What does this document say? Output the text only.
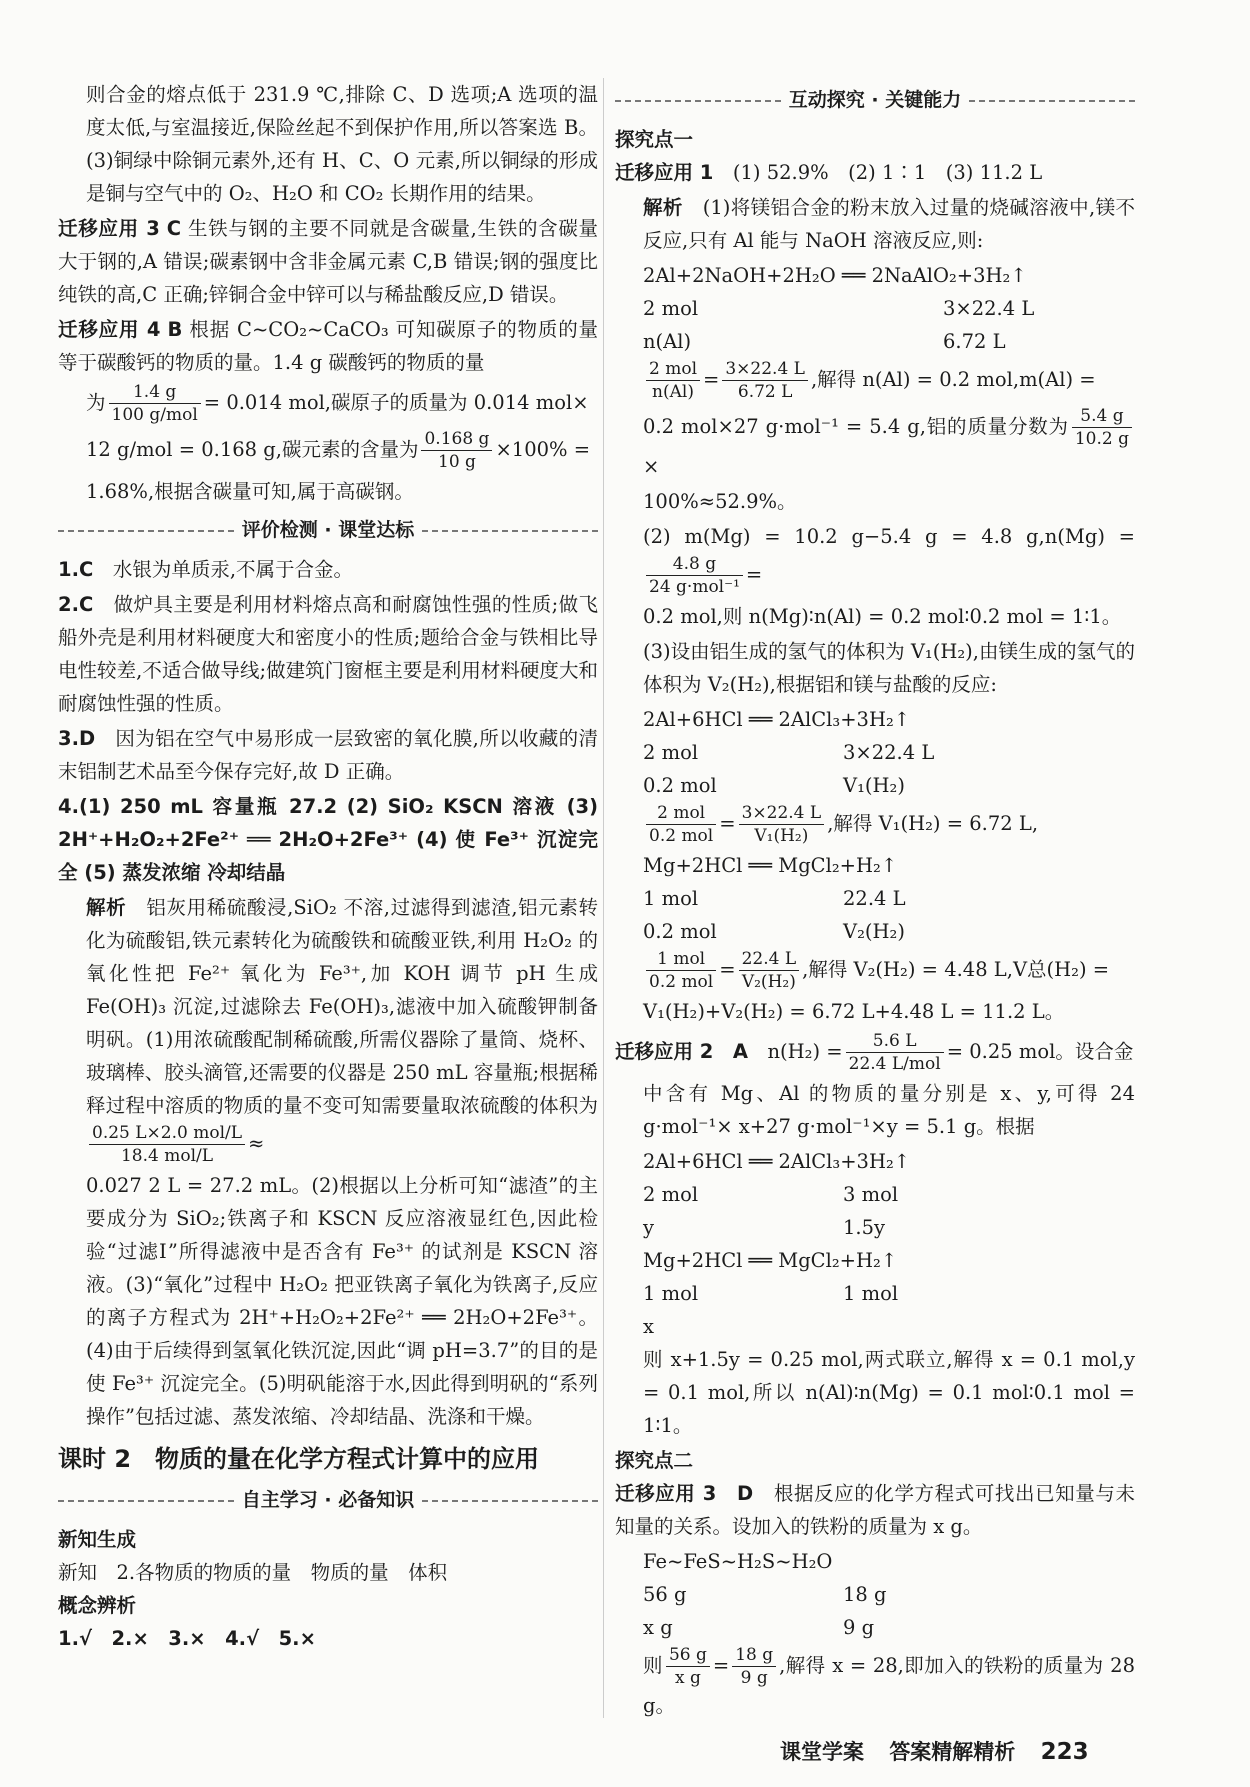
则合金的熔点低于 231.9 ℃,排除 C、D 选项;A 选项的温度太低,与室温接近,保险丝起不到保护作用,所以答案选 B。(3)铜绿中除铜元素外,还有 H、C、O 元素,所以铜绿的形成是铜与空气中的 O₂、H₂O 和 CO₂ 长期作用的结果。

迁移应用 3 C 生铁与钢的主要不同就是含碳量,生铁的含碳量大于钢的,A 错误;碳素钢中含非金属元素 C,B 错误;钢的强度比纯铁的高,C 正确;锌铜合金中锌可以与稀盐酸反应,D 错误。

迁移应用 4 B 根据 C~CO₂~CaCO₃ 可知碳原子的物质的量等于碳酸钙的物质的量。1.4 g 碳酸钙的物质的量

为 $\frac{1.4 g}{\text{100 g/mol}} = 0.014$ mol,碳原子的质量为 0.014 mol×

12 g/mol = 0.168 g,碳元素的含量为 $\frac{0.168 g}{10 g} \times 100\%$ =

1.68%,根据含碳量可知,属于高碳钢。

评价检测 · 课堂达标

1.C　 水银为单质汞,不属于合金。

2.C　 做炉具主要是利用材料熔点高和耐腐蚀性强的性质;做飞船外壳是利用材料硬度大和密度小的性质;题给合金与铁相比导电性较差,不适合做导线;做建筑门窗框主要是利用材料硬度大和耐腐蚀性强的性质。

3.D　 因为铝在空气中易形成一层致密的氧化膜,所以收藏的清末铝制艺术品至今保存完好,故 D 正确。

4.(1) 250 mL 容量瓶 27.2 (2) SiO₂ KSCN 溶液 (3) 2H⁺+H₂O₂+2Fe²⁺ ══ 2H₂O+2Fe³⁺ (4) 使 Fe³⁺ 沉淀完全 (5) 蒸发浓缩 冷却结晶

解析　 铝灰用稀硫酸浸,SiO₂ 不溶,过滤得到滤渣,铝元素转化为硫酸铝,铁元素转化为硫酸铁和硫酸亚铁,利用 H₂O₂ 的氧化性把 Fe²⁺ 氧化为 Fe³⁺,加 KOH 调节 pH 生成 Fe(OH)₃ 沉淀,过滤除去 Fe(OH)₃,滤液中加入硫酸钾制备明矾。(1)用浓硫酸配制稀硫酸,所需仪器除了量筒、烧杯、玻璃棒、胶头滴管,还需要的仪器是 250 mL 容量瓶;根据稀释过程中溶质的物质的量不变可知需要量取浓硫酸的体积为
$\frac{\text{0.25 L×2.0 mol/L}}{\text{18.4 mol/L}}$ ≈

0.027 2 L = 27.2 mL。(2)根据以上分析可知“滤渣”的主要成分为 SiO₂;铁离子和 KSCN 反应溶液显红色,因此检验“过滤Ⅰ”所得滤液中是否含有 Fe³⁺ 的试剂是 KSCN 溶液。(3)“氧化”过程中 H₂O₂ 把亚铁离子氧化为铁离子,反应的离子方程式为 2H⁺+H₂O₂+2Fe²⁺ ══ 2H₂O+2Fe³⁺。(4)由于后续得到氢氧化铁沉淀,因此“调 pH=3.7”的目的是使 Fe³⁺ 沉淀完全。(5)明矾能溶于水,因此得到明矾的“系列操作”包括过滤、蒸发浓缩、冷却结晶、洗涤和干燥。

课时 2　物质的量在化学方程式计算中的应用
自主学习 · 必备知识
新知生成
新知　2.各物质的物质的量　物质的量　体积
概念辨析
1.√　2.×　3.×　4.√　5.×
互动探究 · 关键能力
探究点一

迁移应用 1　 (1) 52.9%　(2) 1∶1　(3) 11.2 L

解析　 (1)将镁铝合金的粉末放入过量的烧碱溶液中,镁不反应,只有 Al 能与 NaOH 溶液反应,则:

2Al+2NaOH+2H₂O ══ 2NaAlO₂+3H₂↑
2 mol	3×22.4 L
n(Al)	6.72 L

$\frac{\text{2 mol}}{n(Al)} = \frac{3\times 22.4 L}{6.72 L}$ ,解得 n(Al) = 0.2 mol,m(Al) =

0.2 mol×27 g·mol⁻¹ = 5.4 g,铝的质量分数为 $\frac{5.4 g}{10.2 g}$
×

100%≈52.9%。

(2) m(Mg) = 10.2 g−5.4 g = 4.8 g,n(Mg) =
$\frac{4.8 g}{\text{24 g·mol⁻¹}}$ =

0.2 mol,则 n(Mg)∶n(Al) = 0.2 mol∶0.2 mol = 1∶1。

(3)设由铝生成的氢气的体积为 V₁(H₂),由镁生成的氢气的体积为 V₂(H₂),根据铝和镁与盐酸的反应:

2Al+6HCl ══ 2AlCl₃+3H₂↑
2 mol	3×22.4 L
0.2 mol	V₁(H₂)

$\frac{\text{2 mol}}{\text{0.2 mol}} = \frac{3\times 22.4 L}{\text{V₁(H₂)}}$ ,解得 V₁(H₂) = 6.72 L,

Mg+2HCl ══ MgCl₂+H₂↑
1 mol	22.4 L
0.2 mol	V₂(H₂)

$\frac{\text{1 mol}}{\text{0.2 mol}} = \frac{22.4 L}{\text{V₂(H₂)}}$ ,解得 V₂(H₂) = 4.48 L,V总(H₂) =

V₁(H₂)+V₂(H₂) = 6.72 L+4.48 L = 11.2 L。

迁移应用 2　 A　 $n(H_2) = \frac{5.6 L}{\text{22.4 L/mol}} = 0.25$ mol。设合金

中含有 Mg、Al 的物质的量分别是 x、y,可得 24 g·mol⁻¹× x+27 g·mol⁻¹×y = 5.1 g。根据

2Al+6HCl ══ 2AlCl₃+3H₂↑
2 mol	3 mol
y	1.5y
Mg+2HCl ══ MgCl₂+H₂↑
1 mol	1 mol
x

则 x+1.5y = 0.25 mol,两式联立,解得 x = 0.1 mol,y = 0.1 mol,所以 n(Al)∶n(Mg) = 0.1 mol∶0.1 mol = 1∶1。

探究点二

迁移应用 3　 D　 根据反应的化学方程式可找出已知量与未知量的关系。设加入的铁粉的质量为 x g。

Fe~FeS~H₂S~H₂O
56 g	18 g
x g	9 g

则 $\frac{56 g}{\text{x g}} = \frac{18 g}{9 g}$ ,解得 x = 28,即加入的铁粉的质量为 28 g。

课堂学案 答案精解精析 223
